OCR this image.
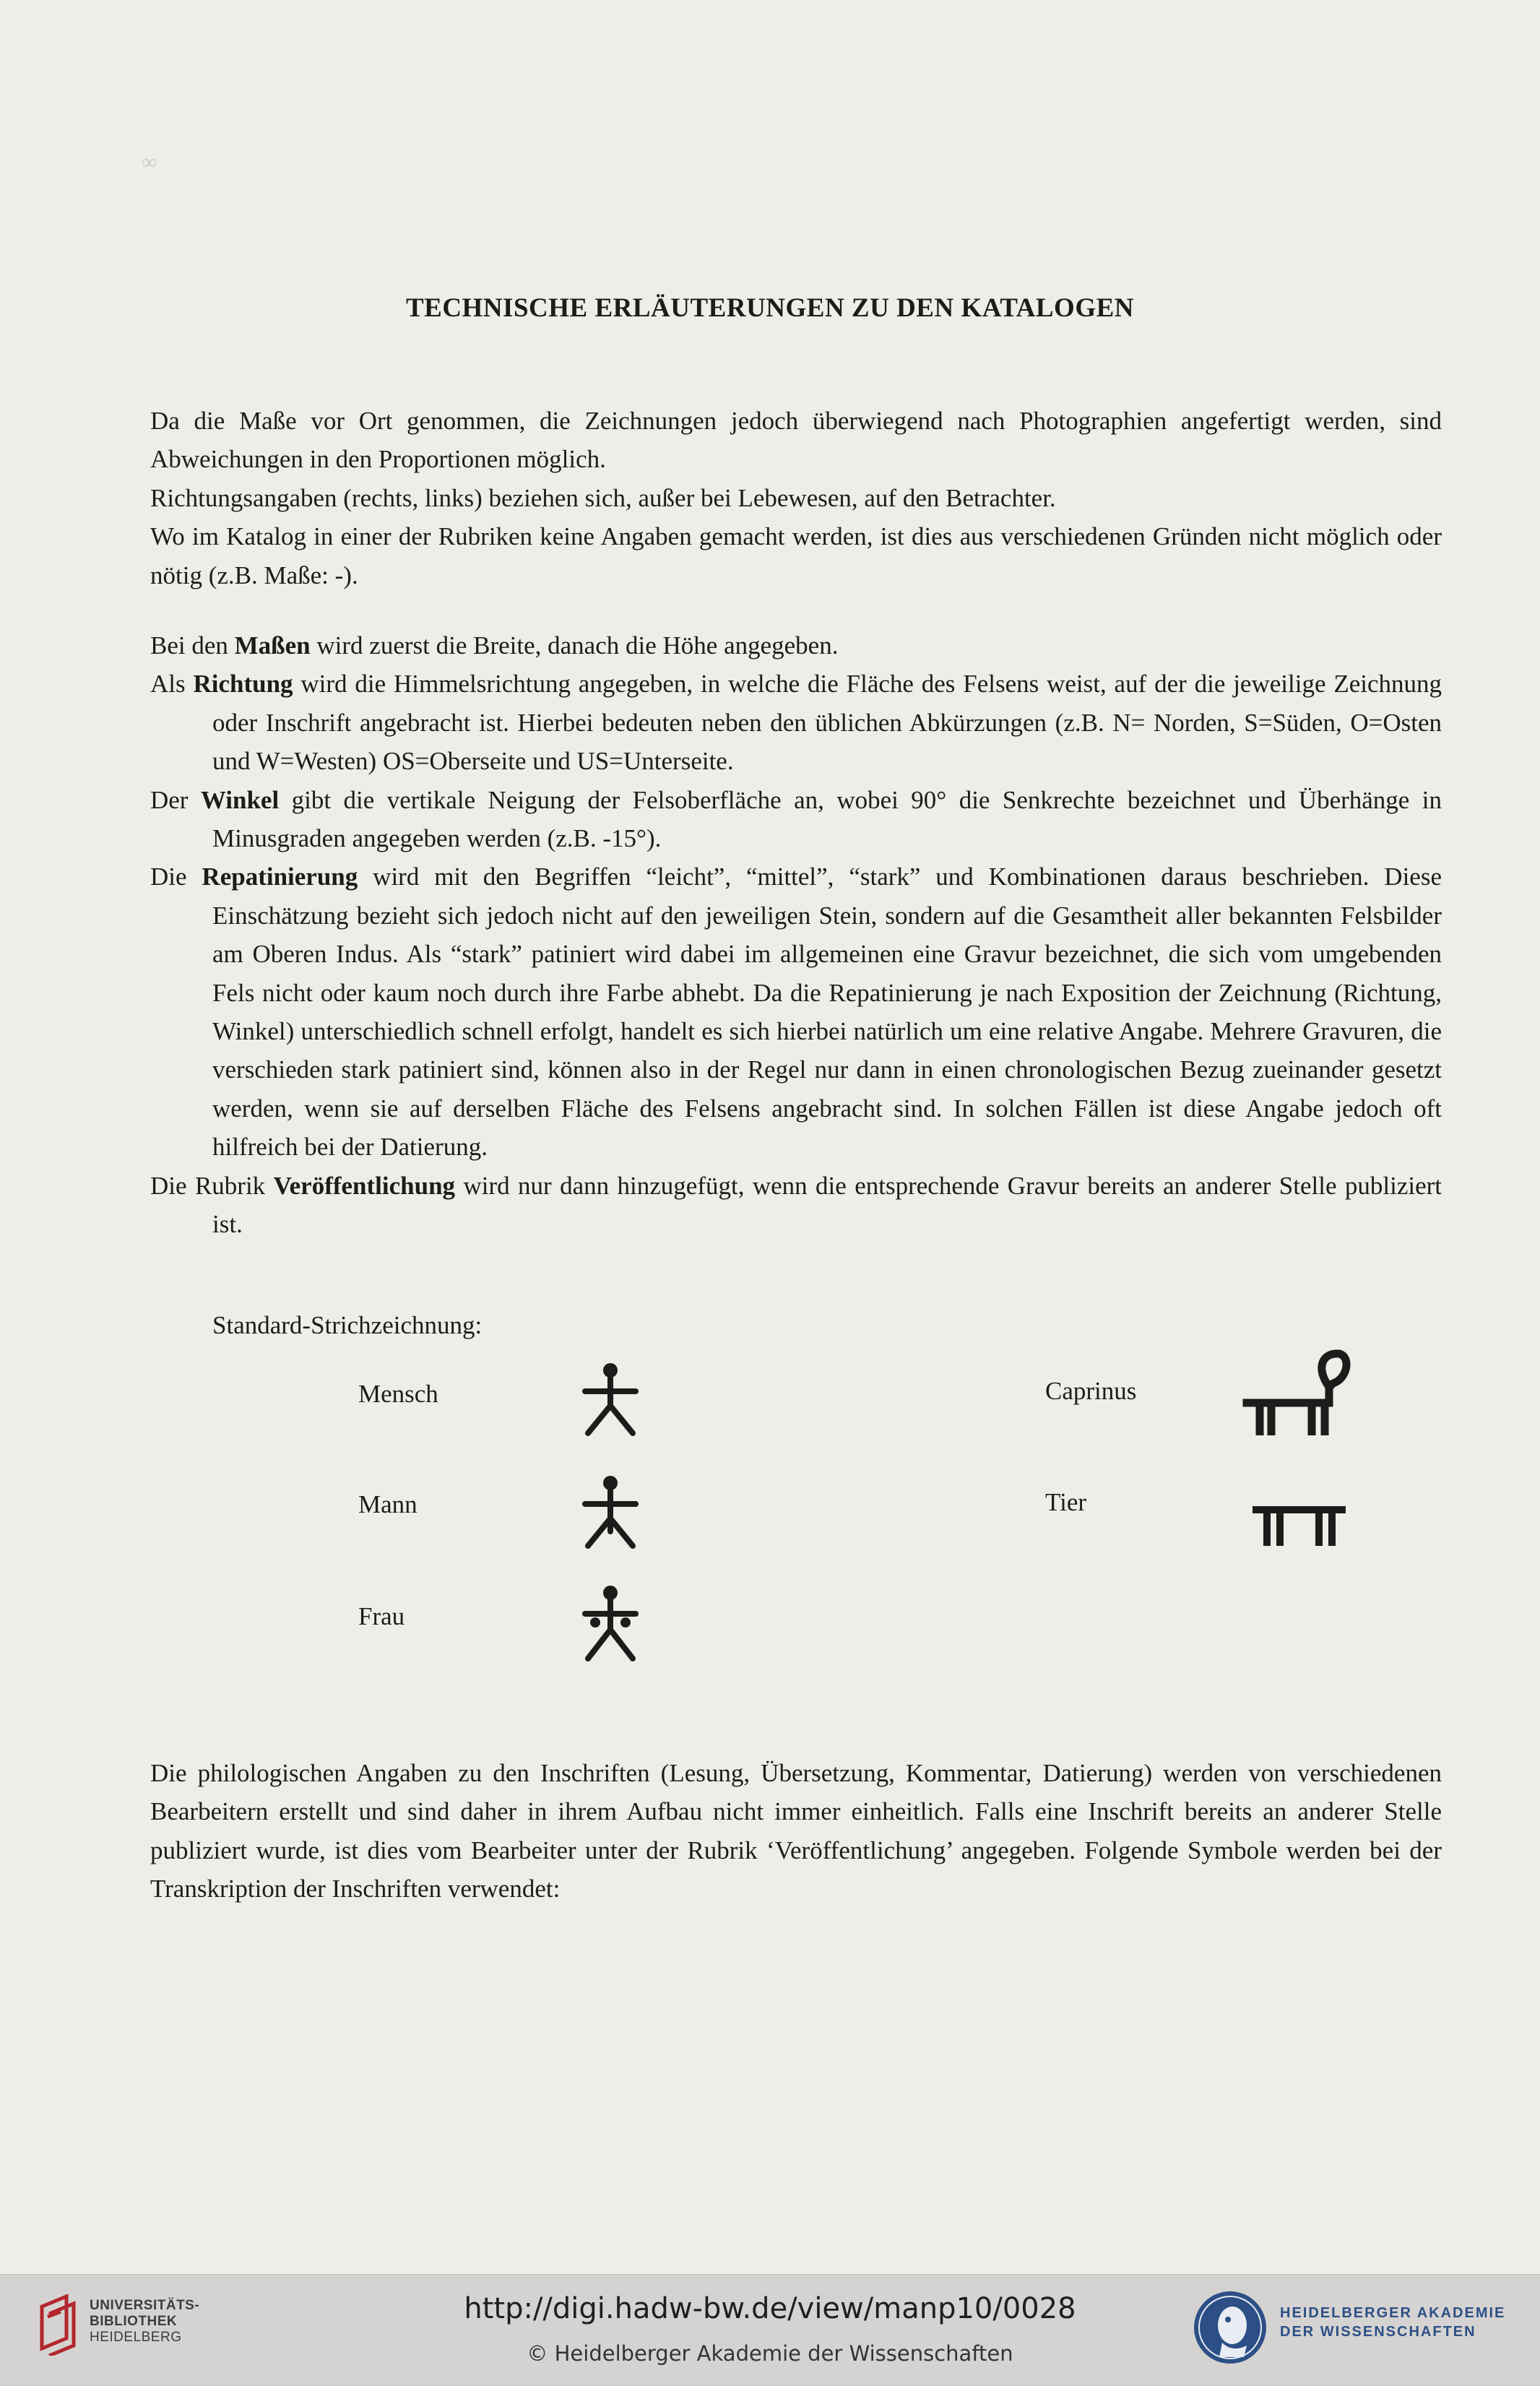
∞
TECHNISCHE ERLÄUTERUNGEN ZU DEN KATALOGEN

Da die Maße vor Ort genommen, die Zeichnungen jedoch überwiegend nach Photographien angefertigt werden, sind Abweichungen in den Proportionen möglich.

Richtungsangaben (rechts, links) beziehen sich, außer bei Lebewesen, auf den Betrachter.

Wo im Katalog in einer der Rubriken keine Angaben gemacht werden, ist dies aus verschiedenen Gründen nicht möglich oder nötig (z.B. Maße: -).

Bei den Maßen wird zuerst die Breite, danach die Höhe angegeben.

Als Richtung wird die Himmelsrichtung angegeben, in welche die Fläche des Felsens weist, auf der die jeweilige Zeichnung oder Inschrift angebracht ist. Hierbei bedeuten neben den üblichen Abkürzungen (z.B. N= Norden, S=Süden, O=Osten und W=Westen) OS=Oberseite und US=Unterseite.

Der Winkel gibt die vertikale Neigung der Felsoberfläche an, wobei 90° die Senkrechte bezeichnet und Überhänge in Minusgraden angegeben werden (z.B. -15°).

Die Repatinierung wird mit den Begriffen “leicht”, “mittel”, “stark” und Kombinationen daraus beschrieben. Diese Einschätzung bezieht sich jedoch nicht auf den jeweiligen Stein, sondern auf die Gesamtheit aller bekannten Felsbilder am Oberen Indus. Als “stark” patiniert wird dabei im allgemeinen eine Gravur bezeichnet, die sich vom umgebenden Fels nicht oder kaum noch durch ihre Farbe abhebt. Da die Repatinierung je nach Exposition der Zeichnung (Richtung, Winkel) unterschiedlich schnell erfolgt, handelt es sich hierbei natürlich um eine relative Angabe. Mehrere Gravuren, die verschieden stark patiniert sind, können also in der Regel nur dann in einen chronologischen Bezug zueinander gesetzt werden, wenn sie auf derselben Fläche des Felsens angebracht sind. In solchen Fällen ist diese Angabe jedoch oft hilfreich bei der Datierung.

Die Rubrik Veröffentlichung wird nur dann hinzugefügt, wenn die entsprechende Gravur bereits an anderer Stelle publiziert ist.

Standard-Strichzeichnung:
Mensch
Mann
Frau
Caprinus
Tier

Die philologischen Angaben zu den Inschriften (Lesung, Übersetzung, Kommentar, Datierung) werden von verschiedenen Bearbeitern erstellt und sind daher in ihrem Aufbau nicht immer einheitlich. Falls eine Inschrift bereits an anderer Stelle publiziert wurde, ist dies vom Bearbeiter unter der Rubrik ‘Veröffentlichung’ angegeben. Folgende Symbole werden bei der Transkription der Inschriften verwendet:

UNIVERSITÄTS-
BIBLIOTHEK
HEIDELBERG
http://digi.hadw-bw.de/view/manp10/0028
© Heidelberger Akademie der Wissenschaften
HEIDELBERGER AKADEMIE
DER WISSENSCHAFTEN
